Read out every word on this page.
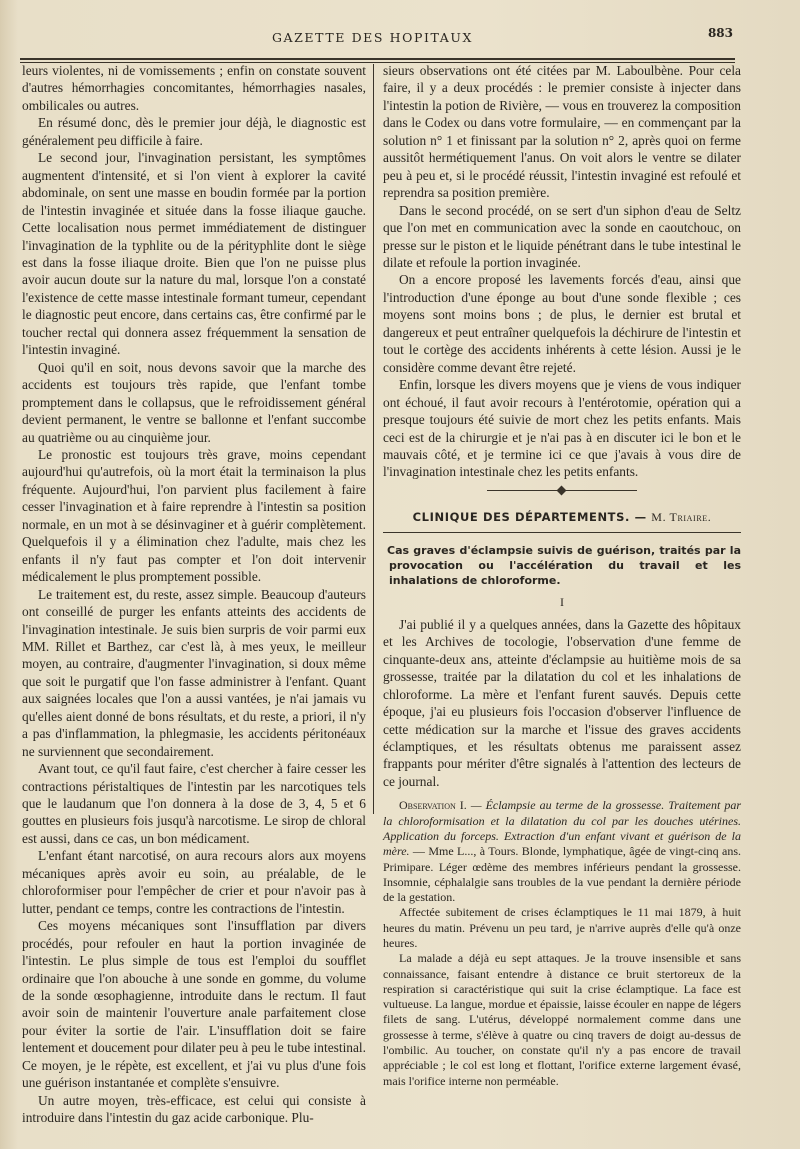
GAZETTE DES HOPITAUX	883

leurs violentes, ni de vomissements ; enfin on constate souvent d'autres hémorrhagies concomitantes, hémorrhagies nasales, ombilicales ou autres.

En résumé donc, dès le premier jour déjà, le diagnostic est généralement peu difficile à faire.

Le second jour, l'invagination persistant, les symptômes augmentent d'intensité, et si l'on vient à explorer la cavité abdominale, on sent une masse en boudin formée par la portion de l'intestin invaginée et située dans la fosse iliaque gauche. Cette localisation nous permet immédiatement de distinguer l'invagination de la typhlite ou de la pérityphlite dont le siège est dans la fosse iliaque droite. Bien que l'on ne puisse plus avoir aucun doute sur la nature du mal, lorsque l'on a constaté l'existence de cette masse intestinale formant tumeur, cependant le diagnostic peut encore, dans certains cas, être confirmé par le toucher rectal qui donnera assez fréquemment la sensation de l'intestin invaginé.

Quoi qu'il en soit, nous devons savoir que la marche des accidents est toujours très rapide, que l'enfant tombe promptement dans le collapsus, que le refroidissement général devient permanent, le ventre se ballonne et l'enfant succombe au quatrième ou au cinquième jour.

Le pronostic est toujours très grave, moins cependant aujourd'hui qu'autrefois, où la mort était la terminaison la plus fréquente. Aujourd'hui, l'on parvient plus facilement à faire cesser l'invagination et à faire reprendre à l'intestin sa position normale, en un mot à se désinvaginer et à guérir complètement. Quelquefois il y a élimination chez l'adulte, mais chez les enfants il n'y faut pas compter et l'on doit intervenir médicalement le plus promptement possible.

Le traitement est, du reste, assez simple. Beaucoup d'auteurs ont conseillé de purger les enfants atteints des accidents de l'invagination intestinale. Je suis bien surpris de voir parmi eux MM. Rillet et Barthez, car c'est là, à mes yeux, le meilleur moyen, au contraire, d'augmenter l'invagination, si doux même que soit le purgatif que l'on fasse administrer à l'enfant. Quant aux saignées locales que l'on a aussi vantées, je n'ai jamais vu qu'elles aient donné de bons résultats, et du reste, a priori, il n'y a pas d'inflammation, la phlegmasie, les accidents péritonéaux ne surviennent que secondairement.

Avant tout, ce qu'il faut faire, c'est chercher à faire cesser les contractions péristaltiques de l'intestin par les narcotiques tels que le laudanum que l'on donnera à la dose de 3, 4, 5 et 6 gouttes en plusieurs fois jusqu'à narcotisme. Le sirop de chloral est aussi, dans ce cas, un bon médicament.

L'enfant étant narcotisé, on aura recours alors aux moyens mécaniques après avoir eu soin, au préalable, de le chloroformiser pour l'empêcher de crier et pour n'avoir pas à lutter, pendant ce temps, contre les contractions de l'intestin.

Ces moyens mécaniques sont l'insufflation par divers procédés, pour refouler en haut la portion invaginée de l'intestin. Le plus simple de tous est l'emploi du soufflet ordinaire que l'on abouche à une sonde en gomme, du volume de la sonde œsophagienne, introduite dans le rectum. Il faut avoir soin de maintenir l'ouverture anale parfaitement close pour éviter la sortie de l'air. L'insufflation doit se faire lentement et doucement pour dilater peu à peu le tube intestinal. Ce moyen, je le répète, est excellent, et j'ai vu plus d'une fois une guérison instantanée et complète s'ensuivre.

Un autre moyen, très-efficace, est celui qui consiste à introduire dans l'intestin du gaz acide carbonique. Plu-

sieurs observations ont été citées par M. Laboulbène. Pour cela faire, il y a deux procédés : le premier consiste à injecter dans l'intestin la potion de Rivière, — vous en trouverez la composition dans le Codex ou dans votre formulaire, — en commençant par la solution n° 1 et finissant par la solution n° 2, après quoi on ferme aussitôt hermétiquement l'anus. On voit alors le ventre se dilater peu à peu et, si le procédé réussit, l'intestin invaginé est refoulé et reprendra sa position première.

Dans le second procédé, on se sert d'un siphon d'eau de Seltz que l'on met en communication avec la sonde en caoutchouc, on presse sur le piston et le liquide pénétrant dans le tube intestinal le dilate et refoule la portion invaginée.

On a encore proposé les lavements forcés d'eau, ainsi que l'introduction d'une éponge au bout d'une sonde flexible ; ces moyens sont moins bons ; de plus, le dernier est brutal et dangereux et peut entraîner quelquefois la déchirure de l'intestin et tout le cortège des accidents inhérents à cette lésion. Aussi je le considère comme devant être rejeté.

Enfin, lorsque les divers moyens que je viens de vous indiquer ont échoué, il faut avoir recours à l'entérotomie, opération qui a presque toujours été suivie de mort chez les petits enfants. Mais ceci est de la chirurgie et je n'ai pas à en discuter ici le bon et le mauvais côté, et je termine ici ce que j'avais à vous dire de l'invagination intestinale chez les petits enfants.

CLINIQUE DES DÉPARTEMENTS. — M. Triaire.
Cas graves d'éclampsie suivis de guérison, traités par la provocation ou l'accélération du travail et les inhalations de chloroforme.
I

J'ai publié il y a quelques années, dans la Gazette des hôpitaux et les Archives de tocologie, l'observation d'une femme de cinquante-deux ans, atteinte d'éclampsie au huitième mois de sa grossesse, traitée par la dilatation du col et les inhalations de chloroforme. La mère et l'enfant furent sauvés. Depuis cette époque, j'ai eu plusieurs fois l'occasion d'observer l'influence de cette médication sur la marche et l'issue des graves accidents éclamptiques, et les résultats obtenus me paraissent assez frappants pour mériter d'être signalés à l'attention des lecteurs de ce journal.

Observation I. — Éclampsie au terme de la grossesse. Traitement par la chloroformisation et la dilatation du col par les douches utérines. Application du forceps. Extraction d'un enfant vivant et guérison de la mère. — Mme L..., à Tours. Blonde, lymphatique, âgée de vingt-cinq ans. Primipare. Léger œdème des membres inférieurs pendant la grossesse. Insomnie, céphalalgie sans troubles de la vue pendant la dernière période de la gestation.

Affectée subitement de crises éclamptiques le 11 mai 1879, à huit heures du matin. Prévenu un peu tard, je n'arrive auprès d'elle qu'à onze heures.

La malade a déjà eu sept attaques. Je la trouve insensible et sans connaissance, faisant entendre à distance ce bruit stertoreux de la respiration si caractéristique qui suit la crise éclamptique. La face est vultueuse. La langue, mordue et épaissie, laisse écouler en nappe de légers filets de sang. L'utérus, développé normalement comme dans une grossesse à terme, s'élève à quatre ou cinq travers de doigt au-dessus de l'ombilic. Au toucher, on constate qu'il n'y a pas encore de travail appréciable ; le col est long et flottant, l'orifice externe largement évasé, mais l'orifice interne non perméable.
